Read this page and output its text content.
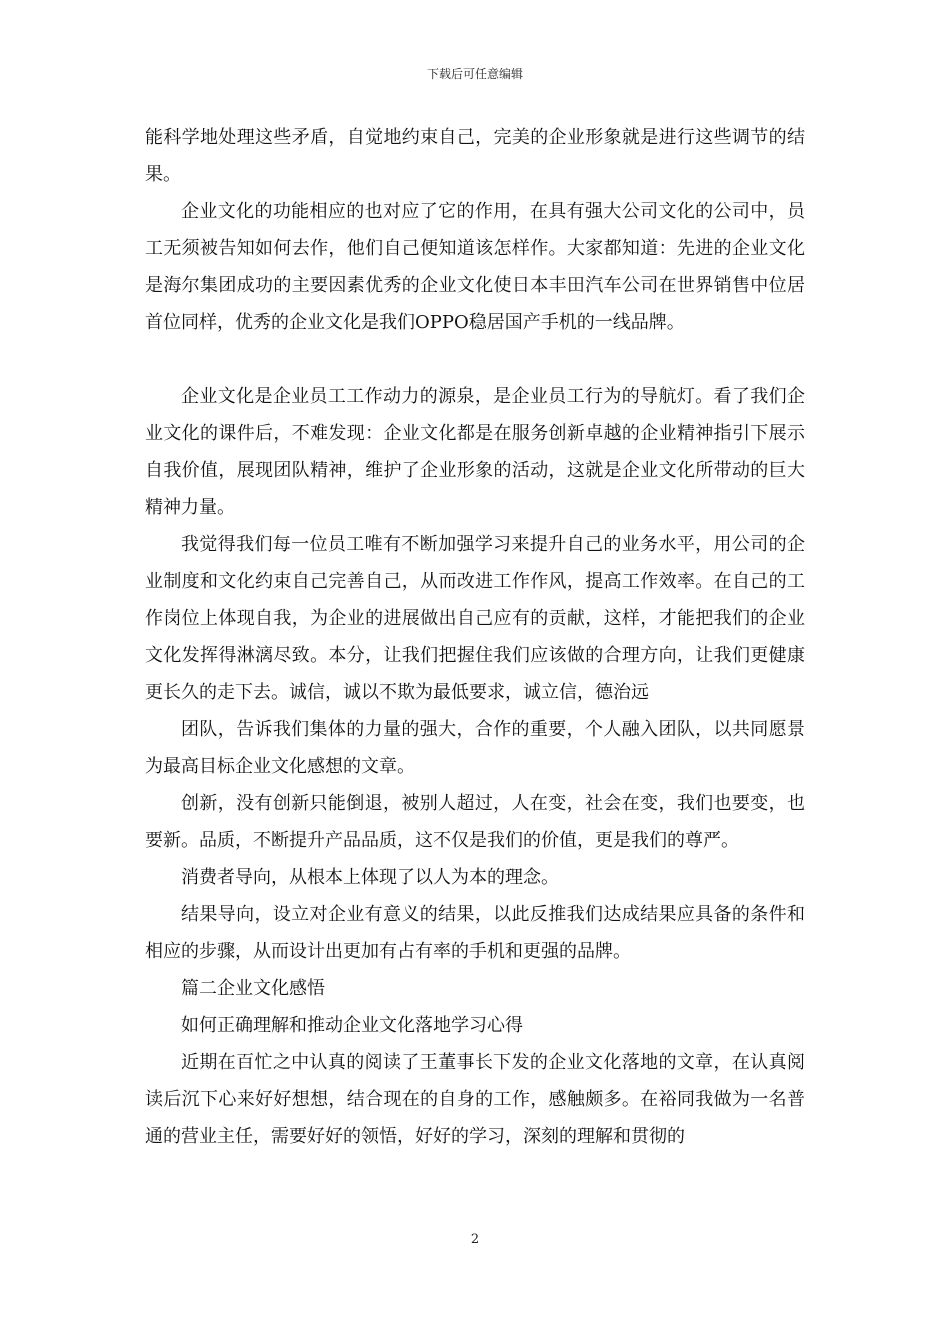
下载后可任意编辑

能科学地处理这些矛盾，自觉地约束自己，完美的企业形象就是进行这些调节的结果。

企业文化的功能相应的也对应了它的作用，在具有强大公司文化的公司中，员工无须被告知如何去作，他们自己便知道该怎样作。大家都知道：先进的企业文化是海尔集团成功的主要因素优秀的企业文化使日本丰田汽车公司在世界销售中位居首位同样，优秀的企业文化是我们OPPO稳居国产手机的一线品牌。

企业文化是企业员工工作动力的源泉，是企业员工行为的导航灯。看了我们企业文化的课件后，不难发现：企业文化都是在服务创新卓越的企业精神指引下展示自我价值，展现团队精神，维护了企业形象的活动，这就是企业文化所带动的巨大精神力量。

我觉得我们每一位员工唯有不断加强学习来提升自己的业务水平，用公司的企业制度和文化约束自己完善自己，从而改进工作作风，提高工作效率。在自己的工作岗位上体现自我，为企业的进展做出自己应有的贡献，这样，才能把我们的企业文化发挥得淋漓尽致。本分，让我们把握住我们应该做的合理方向，让我们更健康更长久的走下去。诚信，诚以不欺为最低要求，诚立信，德治远

团队，告诉我们集体的力量的强大，合作的重要，个人融入团队，以共同愿景为最高目标企业文化感想的文章。

创新，没有创新只能倒退，被别人超过，人在变，社会在变，我们也要变，也要新。品质，不断提升产品品质，这不仅是我们的价值，更是我们的尊严。

消费者导向，从根本上体现了以人为本的理念。

结果导向，设立对企业有意义的结果，以此反推我们达成结果应具备的条件和相应的步骤，从而设计出更加有占有率的手机和更强的品牌。

篇二企业文化感悟

如何正确理解和推动企业文化落地学习心得

近期在百忙之中认真的阅读了王董事长下发的企业文化落地的文章，在认真阅读后沉下心来好好想想，结合现在的自身的工作，感触颇多。在裕同我做为一名普通的营业主任，需要好好的领悟，好好的学习，深刻的理解和贯彻的

2
